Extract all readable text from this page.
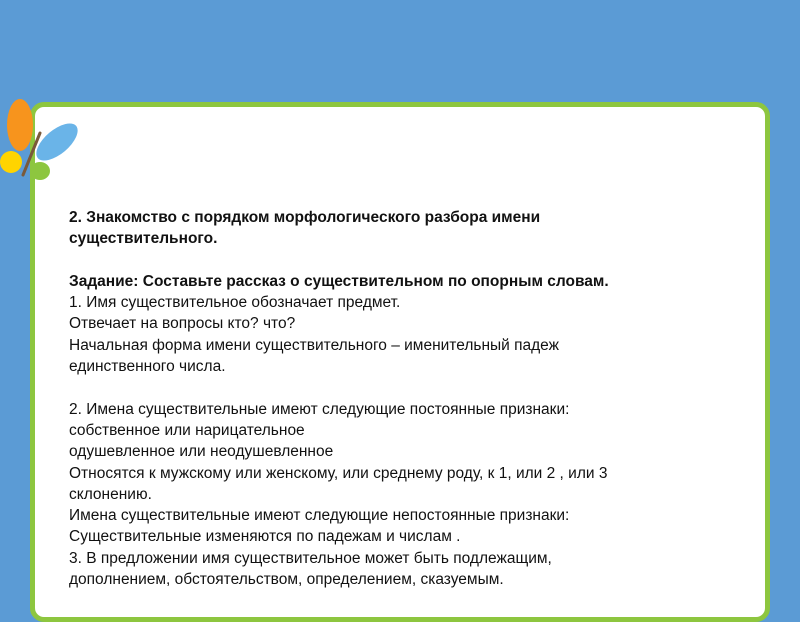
2. Знакомство с порядком морфологического разбора имени
существительного.
Задание: Составьте рассказ о существительном по опорным словам.
1. Имя существительное обозначает предмет.
Отвечает на вопросы кто? что?
Начальная форма имени существительного – именительный падеж
единственного числа.
2. Имена существительные имеют следующие постоянные признаки:
собственное или нарицательное
одушевленное или неодушевленное
Относятся к мужскому или женскому, или среднему роду, к 1, или 2 , или 3
склонению.
Имена существительные имеют следующие непостоянные признаки:
Существительные изменяются по падежам и числам .
3. В предложении имя существительное может быть подлежащим,
дополнением, обстоятельством, определением, сказуемым.
